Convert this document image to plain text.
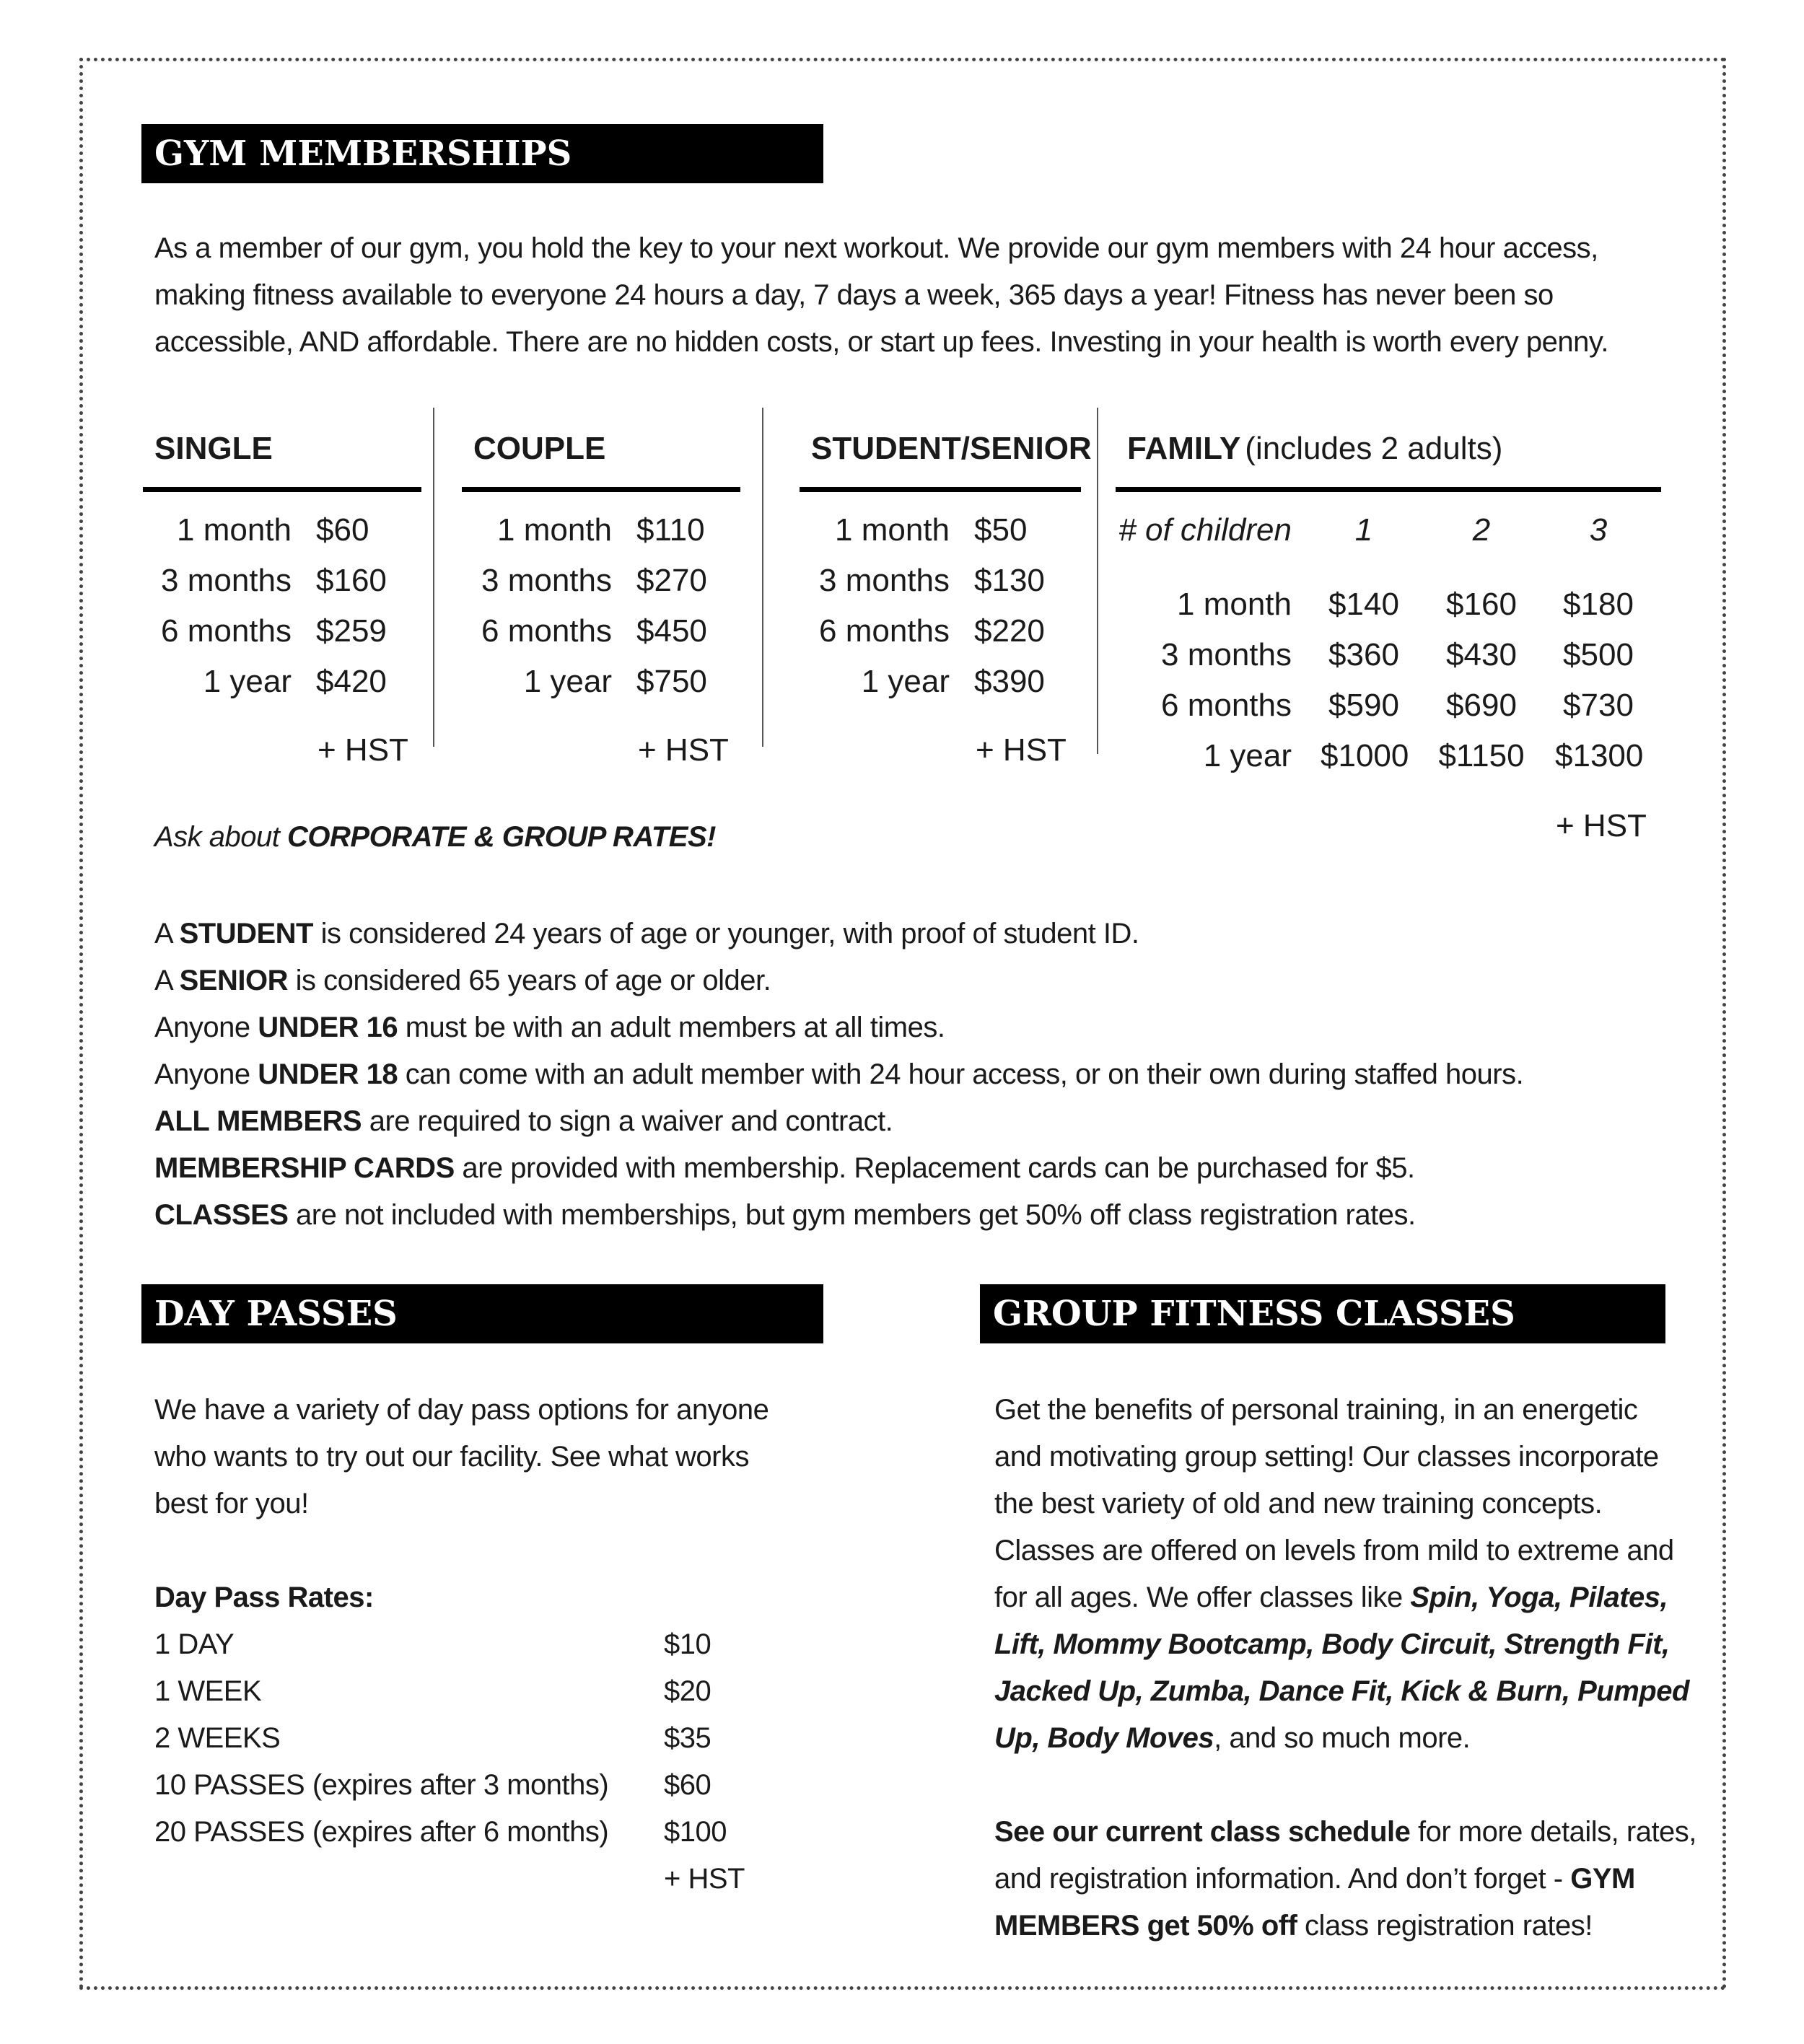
GYM MEMBERSHIPS
As a member of our gym, you hold the key to your next workout. We provide our gym members with 24 hour access, making fitness available to everyone 24 hours a day, 7 days a week, 365 days a year! Fitness has never been so accessible, AND affordable. There are no hidden costs, or start up fees. Investing in your health is worth every penny.
SINGLE
1 month $60
3 months $160
6 months $259
1 year $420
+ HST
COUPLE
1 month $110
3 months $270
6 months $450
1 year $750
+ HST
STUDENT/SENIOR
1 month $50
3 months $130
6 months $220
1 year $390
+ HST
FAMILY (includes 2 adults)
# of children	1	2	3
1 month $140 $160 $180
3 months $360 $430 $500
6 months $590 $690 $730
1 year $1000 $1150 $1300
+ HST
Ask about CORPORATE & GROUP RATES!
A STUDENT is considered 24 years of age or younger, with proof of student ID.
A SENIOR is considered 65 years of age or older.
Anyone UNDER 16 must be with an adult members at all times.
Anyone UNDER 18 can come with an adult member with 24 hour access, or on their own during staffed hours.
ALL MEMBERS are required to sign a waiver and contract.
MEMBERSHIP CARDS are provided with membership. Replacement cards can be purchased for $5.
CLASSES are not included with memberships, but gym members get 50% off class registration rates.
DAY PASSES
We have a variety of day pass options for anyone who wants to try out our facility. See what works best for you!
Day Pass Rates:
1 DAY	$10
1 WEEK	$20
2 WEEKS	$35
10 PASSES (expires after 3 months) $60
20 PASSES (expires after 6 months) $100
+ HST
GROUP FITNESS CLASSES
Get the benefits of personal training, in an energetic
and motivating group setting! Our classes incorporate
the best variety of old and new training concepts.
Classes are offered on levels from mild to extreme and
for all ages. We offer classes like Spin, Yoga, Pilates,
Lift, Mommy Bootcamp, Body Circuit, Strength Fit,
Jacked Up, Zumba, Dance Fit, Kick & Burn, Pumped
Up, Body Moves, and so much more.
See our current class schedule for more details, rates,
and registration information. And don’t forget - GYM
MEMBERS get 50% off class registration rates!
